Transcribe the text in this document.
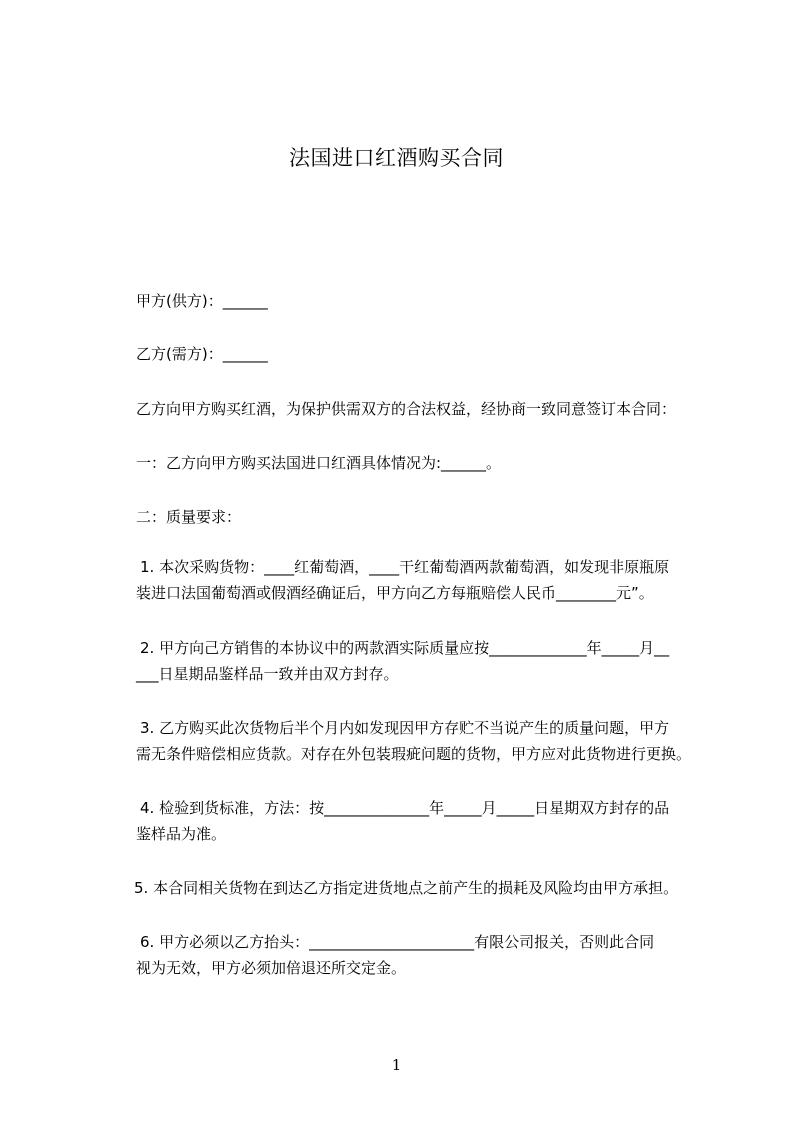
法国进口红酒购买合同
甲方(供方)：______
乙方(需方)：______
乙方向甲方购买红酒，为保护供需双方的合法权益，经协商一致同意签订本合同：
一：乙方向甲方购买法国进口红酒具体情况为:______。
二：质量要求：
1. 本次采购货物：____红葡萄酒，____干红葡萄酒两款葡萄酒，如发现非原瓶原
装进口法国葡萄酒或假酒经确证后，甲方向乙方每瓶赔偿人民币________元”。
2. 甲方向己方销售的本协议中的两款酒实际质量应按_____________年_____月__
___日星期品鉴样品一致并由双方封存。
3. 乙方购买此次货物后半个月内如发现因甲方存贮不当说产生的质量问题，甲方
需无条件赔偿相应货款。对存在外包装瑕疵问题的货物，甲方应对此货物进行更换。
4. 检验到货标准，方法：按______________年_____月_____日星期双方封存的品
鉴样品为准。
5. 本合同相关货物在到达乙方指定进货地点之前产生的损耗及风险均由甲方承担。
6. 甲方必须以乙方抬头：______________________有限公司报关，否则此合同
视为无效，甲方必须加倍退还所交定金。
1
